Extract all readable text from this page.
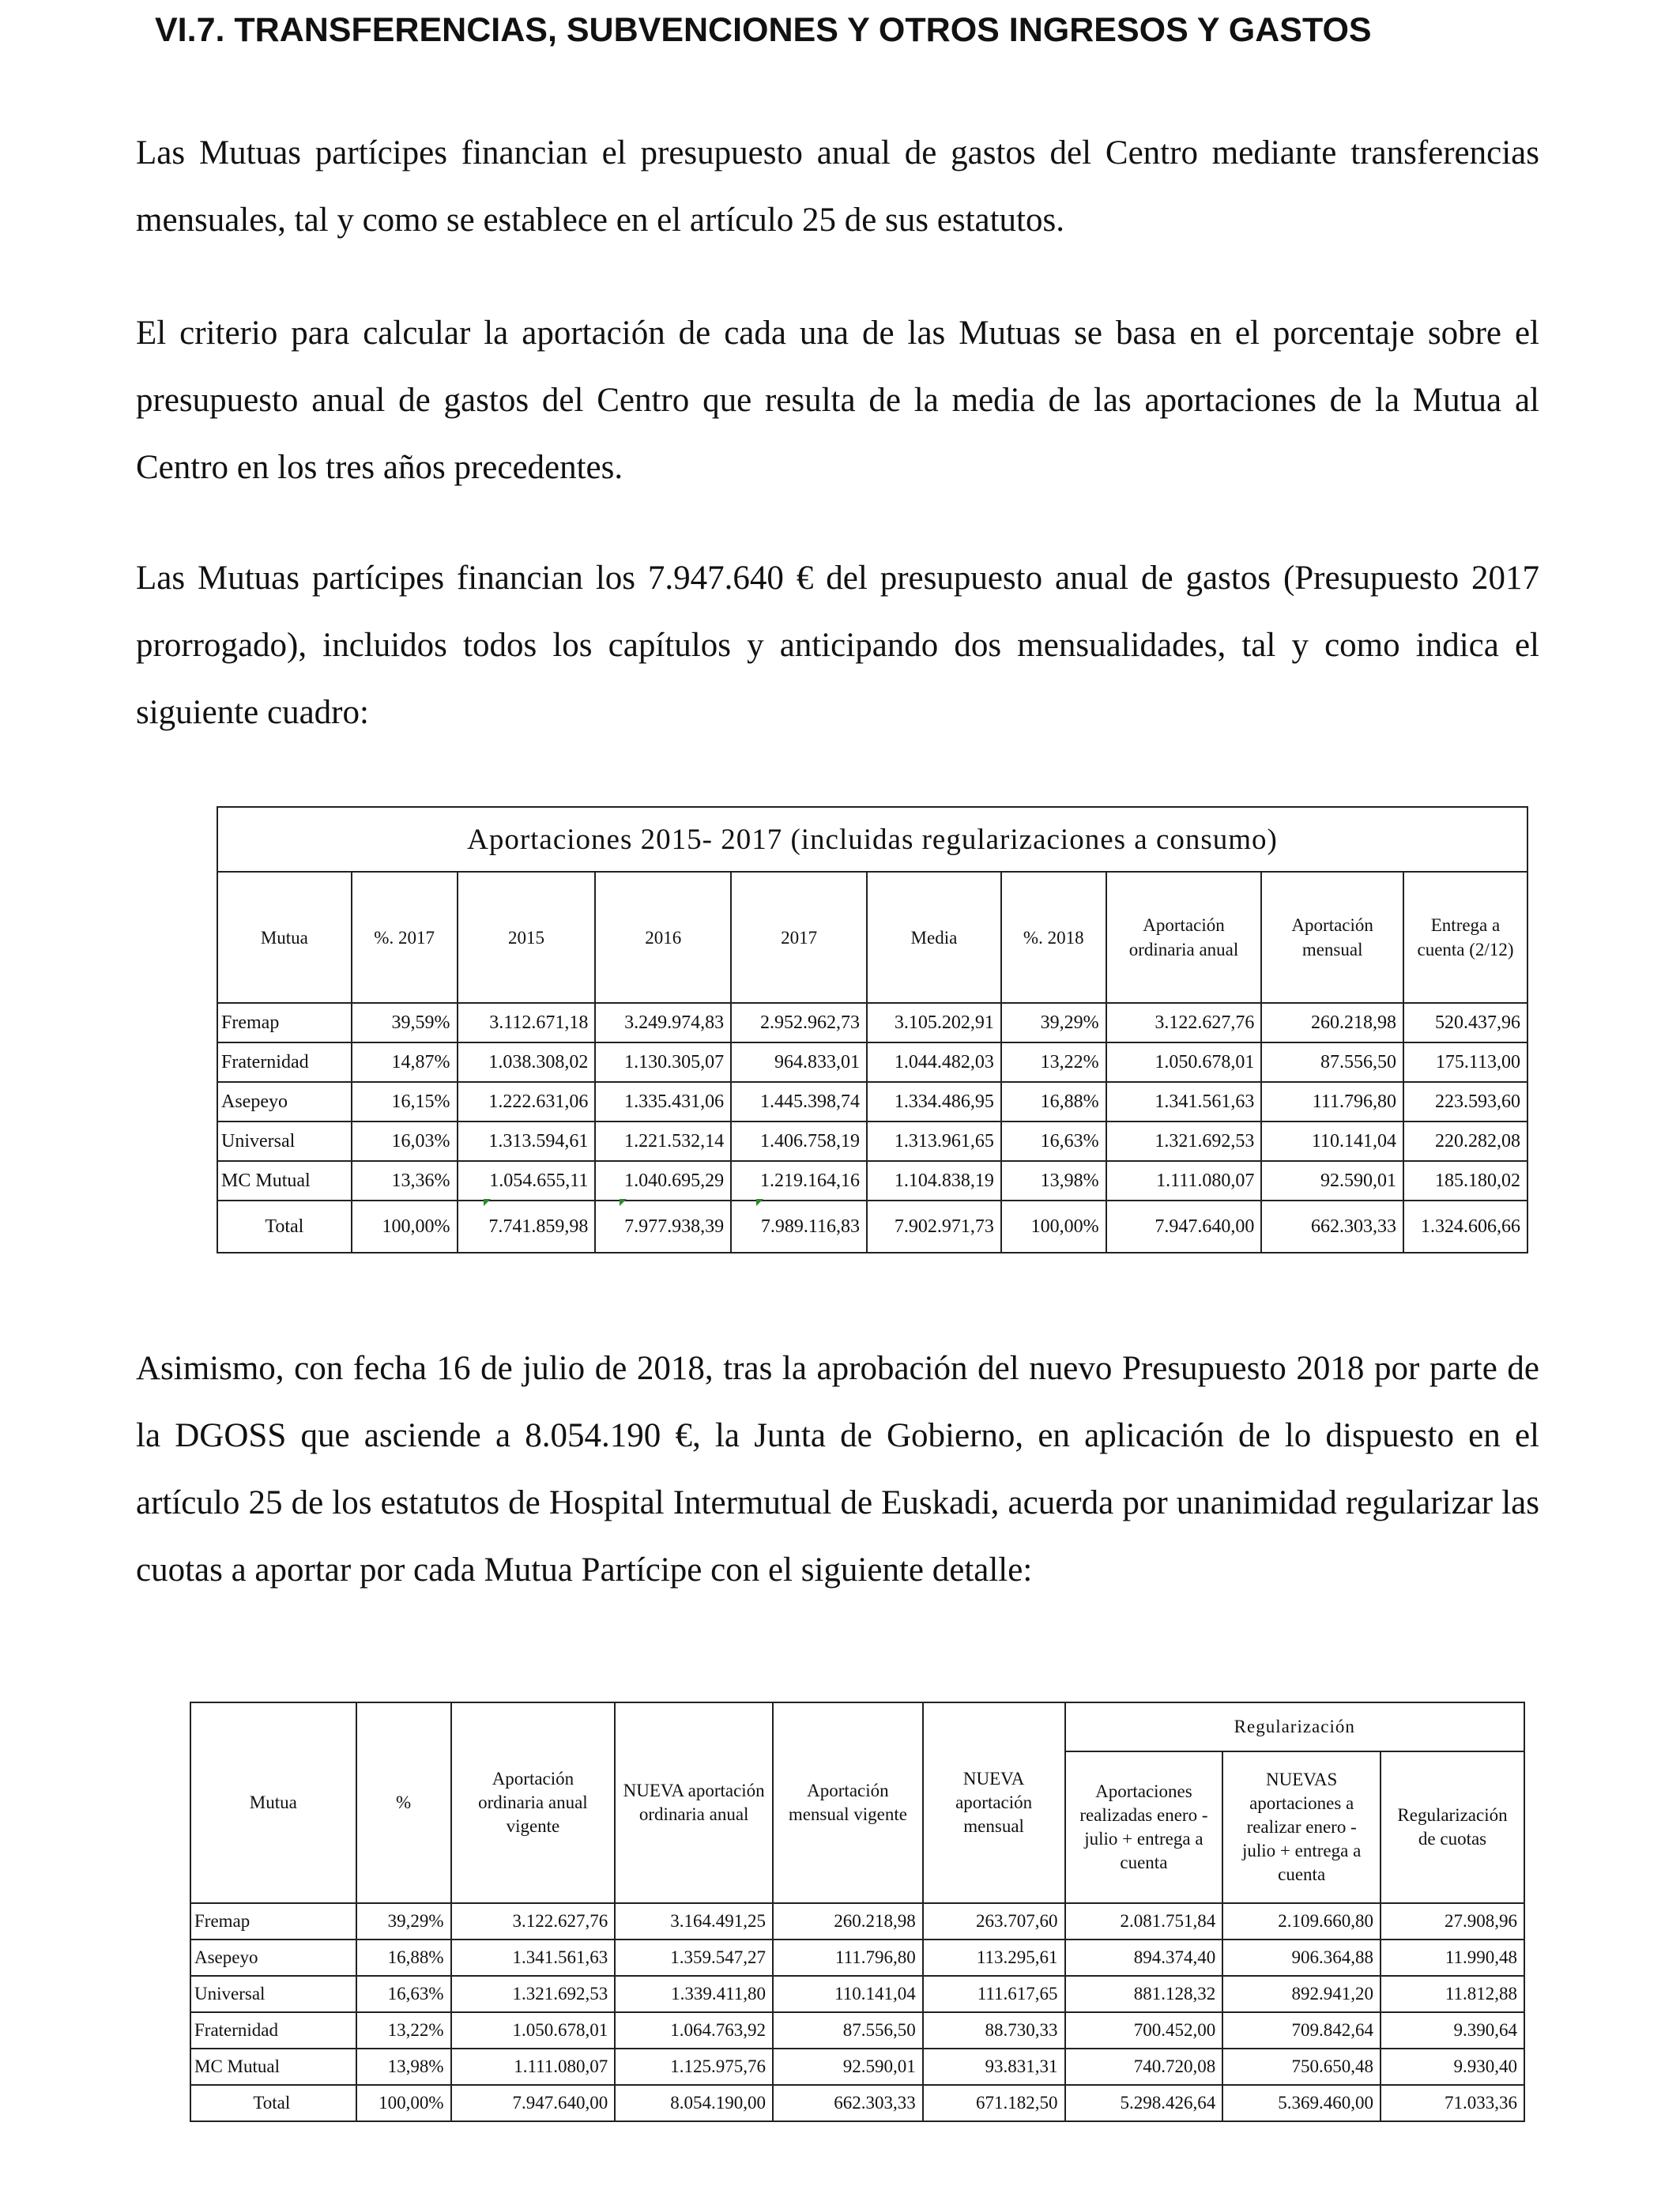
VI.7. TRANSFERENCIAS, SUBVENCIONES Y OTROS INGRESOS Y GASTOS

Las Mutuas partícipes financian el presupuesto anual de gastos del Centro mediante transferencias mensuales, tal y como se establece en el artículo 25 de sus estatutos.

El criterio para calcular la aportación de cada una de las Mutuas se basa en el porcentaje sobre el presupuesto anual de gastos del Centro que resulta de la media de las aportaciones de la Mutua al Centro en los tres años precedentes.

Las Mutuas partícipes financian los 7.947.640 € del presupuesto anual de gastos (Presupuesto 2017 prorrogado), incluidos todos los capítulos y anticipando dos mensualidades, tal y como indica el siguiente cuadro:

Aportaciones 2015- 2017 (incluidas regularizaciones a consumo)									
Mutua	%. 2017	2015	2016	2017	Media	%. 2018	Aportación ordinaria anual	Aportación mensual	Entrega a cuenta (2/12)
Fremap	39,59%	3.112.671,18	3.249.974,83	2.952.962,73	3.105.202,91	39,29%	3.122.627,76	260.218,98	520.437,96
Fraternidad	14,87%	1.038.308,02	1.130.305,07	964.833,01	1.044.482,03	13,22%	1.050.678,01	87.556,50	175.113,00
Asepeyo	16,15%	1.222.631,06	1.335.431,06	1.445.398,74	1.334.486,95	16,88%	1.341.561,63	111.796,80	223.593,60
Universal	16,03%	1.313.594,61	1.221.532,14	1.406.758,19	1.313.961,65	16,63%	1.321.692,53	110.141,04	220.282,08
MC Mutual	13,36%	1.054.655,11	1.040.695,29	1.219.164,16	1.104.838,19	13,98%	1.111.080,07	92.590,01	185.180,02
Total	100,00%	7.741.859,98	7.977.938,39	7.989.116,83	7.902.971,73	100,00%	7.947.640,00	662.303,33	1.324.606,66

Asimismo, con fecha 16 de julio de 2018, tras la aprobación del nuevo Presupuesto 2018 por parte de la DGOSS que asciende a 8.054.190 €, la Junta de Gobierno, en aplicación de lo dispuesto en el artículo 25 de los estatutos de Hospital Intermutual de Euskadi, acuerda por unanimidad regularizar las cuotas a aportar por cada Mutua Partícipe con el siguiente detalle:

Mutua	%	Aportación ordinaria anual vigente	NUEVA aportación ordinaria anual	Aportación mensual vigente	NUEVA aportación mensual	Regularización		
						Aportaciones realizadas enero - julio + entrega a cuenta	NUEVAS aportaciones a realizar enero - julio + entrega a cuenta	Regularización de cuotas
Fremap	39,29%	3.122.627,76	3.164.491,25	260.218,98	263.707,60	2.081.751,84	2.109.660,80	27.908,96
Asepeyo	16,88%	1.341.561,63	1.359.547,27	111.796,80	113.295,61	894.374,40	906.364,88	11.990,48
Universal	16,63%	1.321.692,53	1.339.411,80	110.141,04	111.617,65	881.128,32	892.941,20	11.812,88
Fraternidad	13,22%	1.050.678,01	1.064.763,92	87.556,50	88.730,33	700.452,00	709.842,64	9.390,64
MC Mutual	13,98%	1.111.080,07	1.125.975,76	92.590,01	93.831,31	740.720,08	750.650,48	9.930,40
Total	100,00%	7.947.640,00	8.054.190,00	662.303,33	671.182,50	5.298.426,64	5.369.460,00	71.033,36
